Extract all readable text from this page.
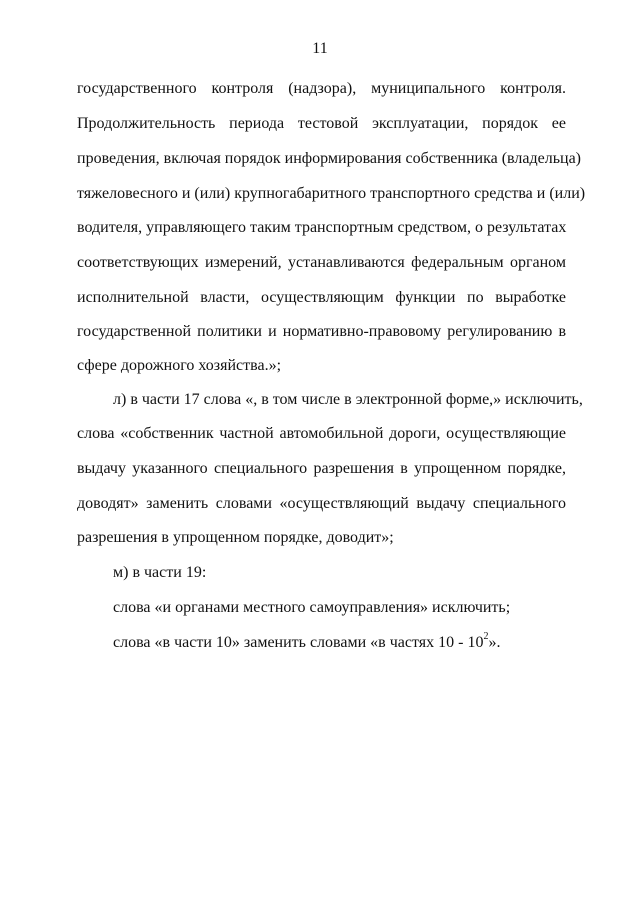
11
государственного контроля (надзора), муниципального контроля.
Продолжительность периода тестовой эксплуатации, порядок ее
проведения, включая порядок информирования собственника (владельца)
тяжеловесного и (или) крупногабаритного транспортного средства и (или)
водителя, управляющего таким транспортным средством, о результатах
соответствующих измерений, устанавливаются федеральным органом
исполнительной власти, осуществляющим функции по выработке
государственной политики и нормативно-правовому регулированию в
сфере дорожного хозяйства.»;
л) в части 17 слова «, в том числе в электронной форме,» исключить,
слова «собственник частной автомобильной дороги, осуществляющие
выдачу указанного специального разрешения в упрощенном порядке,
доводят» заменить словами «осуществляющий выдачу специального
разрешения в упрощенном порядке, доводит»;
м) в части 19:
слова «и органами местного самоуправления» исключить;
слова «в части 10» заменить словами «в частях $10 - 10^2$».
